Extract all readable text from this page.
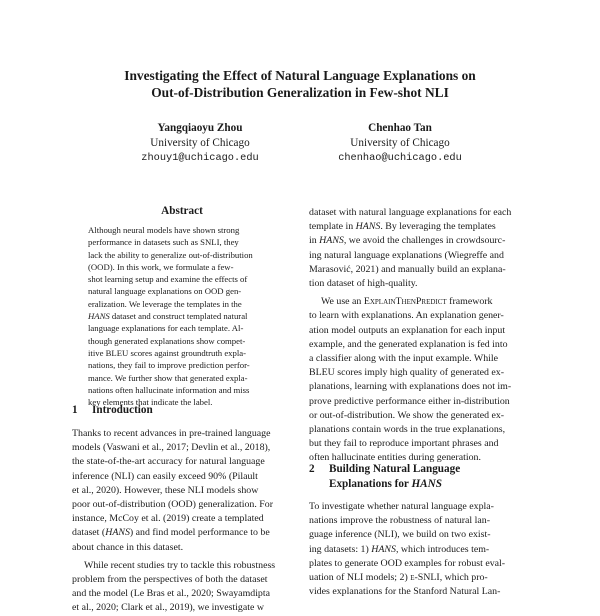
Investigating the Effect of Natural Language Explanations on
Out-of-Distribution Generalization in Few-shot NLI
Yangqiaoyu Zhou
University of Chicago
zhouy1@uchicago.edu
Chenhao Tan
University of Chicago
chenhao@uchicago.edu
Abstract
Although neural models have shown strong
performance in datasets such as SNLI, they
lack the ability to generalize out-of-distribution
(OOD). In this work, we formulate a few-
shot learning setup and examine the effects of
natural language explanations on OOD gen-
eralization. We leverage the templates in the
HANS dataset and construct templated natural
language explanations for each template. Al-
though generated explanations show compet-
itive BLEU scores against groundtruth expla-
nations, they fail to improve prediction perfor-
mance. We further show that generated expla-
nations often hallucinate information and miss
key elements that indicate the label.
1 Introduction
Thanks to recent advances in pre-trained language
models (Vaswani et al., 2017; Devlin et al., 2018),
the state-of-the-art accuracy for natural language
inference (NLI) can easily exceed 90% (Pilault
et al., 2020). However, these NLI models show
poor out-of-distribution (OOD) generalization. For
instance, McCoy et al. (2019) create a templated
dataset (HANS) and find model performance to be
about chance in this dataset.
While recent studies try to tackle this robustness
problem from the perspectives of both the dataset
and the model (Le Bras et al., 2020; Swayamdipta
et al., 2020; Clark et al., 2019), we investigate w
dataset with natural language explanations for each
template in HANS. By leveraging the templates
in HANS, we avoid the challenges in crowdsourc-
ing natural language explanations (Wiegreffe and
Marasović, 2021) and manually build an explana-
tion dataset of high-quality.
We use an ExplainThenPredict framework
to learn with explanations. An explanation gener-
ation model outputs an explanation for each input
example, and the generated explanation is fed into
a classifier along with the input example. While
BLEU scores imply high quality of generated ex-
planations, learning with explanations does not im-
prove predictive performance either in-distribution
or out-of-distribution. We show the generated ex-
planations contain words in the true explanations,
but they fail to reproduce important phrases and
often hallucinate entities during generation.
2 Building Natural Language
Explanations for HANS
To investigate whether natural language expla-
nations improve the robustness of natural lan-
guage inference (NLI), we build on two exist-
ing datasets: 1) HANS, which introduces tem-
plates to generate OOD examples for robust eval-
uation of NLI models; 2) e-SNLI, which pro-
vides explanations for the Stanford Natural Lan-
